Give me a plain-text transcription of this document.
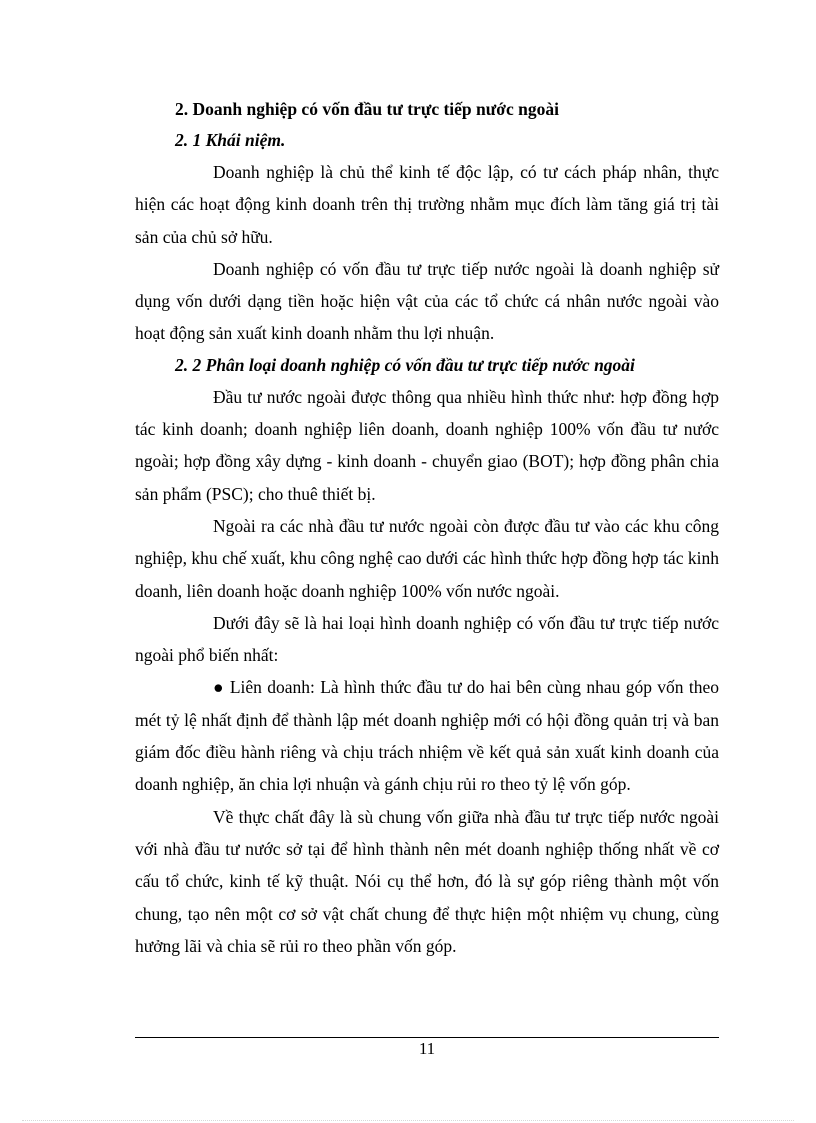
2. Doanh nghiệp có vốn đầu tư trực tiếp nước ngoài

2. 1 Khái niệm.

Doanh nghiệp là chủ thể kinh tế độc lập, có tư cách pháp nhân, thực hiện các hoạt động kinh doanh trên thị trường nhằm mục đích làm tăng giá trị tài sản của chủ sở hữu.

Doanh nghiệp có vốn đầu tư trực tiếp nước ngoài là doanh nghiệp sử dụng vốn dưới dạng tiền hoặc hiện vật của các tổ chức cá nhân nước ngoài vào hoạt động sản xuất kinh doanh nhằm thu lợi nhuận.

2. 2 Phân loại doanh nghiệp có vốn đầu tư trực tiếp nước ngoài

Đầu tư nước ngoài được thông qua nhiều hình thức như: hợp đồng hợp tác kinh doanh; doanh nghiệp liên doanh, doanh nghiệp 100% vốn đầu tư nước ngoài; hợp đồng xây dựng - kinh doanh - chuyển giao (BOT); hợp đồng phân chia sản phẩm (PSC); cho thuê thiết bị.

Ngoài ra các nhà đầu tư nước ngoài còn được đầu tư vào các khu công nghiệp, khu chế xuất, khu công nghệ cao dưới các hình thức hợp đồng hợp tác kinh doanh, liên doanh hoặc doanh nghiệp 100% vốn nước ngoài.

Dưới đây sẽ là hai loại hình doanh nghiệp có vốn đầu tư trực tiếp nước ngoài phổ biến nhất:

● Liên doanh: Là hình thức đầu tư do hai bên cùng nhau góp vốn theo mét tỷ lệ nhất định để thành lập mét doanh nghiệp mới có hội đồng quản trị và ban giám đốc điều hành riêng và chịu trách nhiệm về kết quả sản xuất kinh doanh của doanh nghiệp, ăn chia lợi nhuận và gánh chịu rủi ro theo tỷ lệ vốn góp.

Về thực chất đây là sù chung vốn giữa nhà đầu tư trực tiếp nước ngoài với nhà đầu tư nước sở tại để hình thành nên mét doanh nghiệp thống nhất về cơ cấu tổ chức, kinh tế kỹ thuật. Nói cụ thể hơn, đó là sự góp riêng thành một vốn chung, tạo nên một cơ sở vật chất chung để thực hiện một nhiệm vụ chung, cùng hưởng lãi và chia sẽ rủi ro theo phần vốn góp.

11
